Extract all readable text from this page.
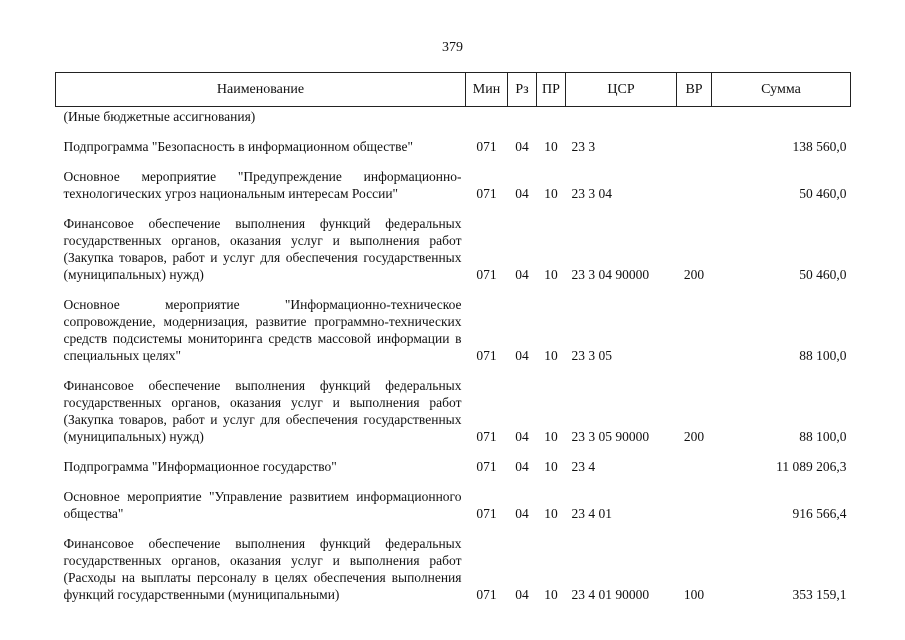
379
Наименование	Мин	Рз	ПР	ЦСР	ВР	Сумма
(Иные бюджетные ассигнования)						

Подпрограмма "Безопасность в информационном обществе"	071	04	10	23 3		138 560,0

Основное мероприятие "Предупреждение информационно-технологических угроз национальным интересам России"	071	04	10	23 3 04		50 460,0

Финансовое обеспечение выполнения функций федеральных государственных органов, оказания услуг и выполнения работ (Закупка товаров, работ и услуг для обеспечения государственных (муниципальных) нужд)	071	04	10	23 3 04 90000	200	50 460,0

Основное мероприятие "Информационно-техническое сопровождение, модернизация, развитие программно-технических средств подсистемы мониторинга средств массовой информации в специальных целях"	071	04	10	23 3 05		88 100,0

Финансовое обеспечение выполнения функций федеральных государственных органов, оказания услуг и выполнения работ (Закупка товаров, работ и услуг для обеспечения государственных (муниципальных) нужд)	071	04	10	23 3 05 90000	200	88 100,0

Подпрограмма "Информационное государство"	071	04	10	23 4		11 089 206,3

Основное мероприятие "Управление развитием информационного общества"	071	04	10	23 4 01		916 566,4

Финансовое обеспечение выполнения функций федеральных государственных органов, оказания услуг и выполнения работ (Расходы на выплаты персоналу в целях обеспечения выполнения функций государственными (муниципальными)	071	04	10	23 4 01 90000	100	353 159,1
